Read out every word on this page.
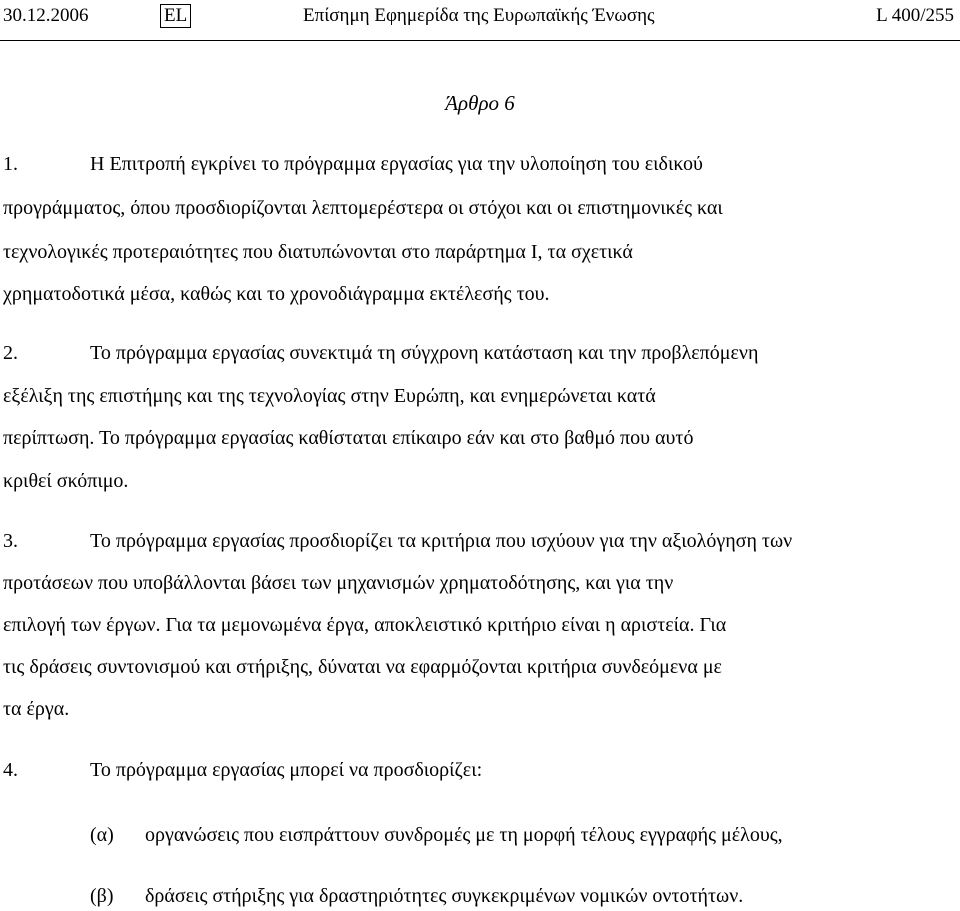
30.12.2006	EL	Επίσημη Εφημερίδα της Ευρωπαϊκής Ένωσης	L 400/255
Άρθρο 6
1.	Η Επιτροπή εγκρίνει το πρόγραμμα εργασίας για την υλοποίηση του ειδικού
προγράμματος, όπου προσδιορίζονται λεπτομερέστερα οι στόχοι και οι επιστημονικές και
τεχνολογικές προτεραιότητες που διατυπώνονται στο παράρτημα Ι, τα σχετικά
χρηματοδοτικά μέσα, καθώς και το χρονοδιάγραμμα εκτέλεσής του.
2.	Το πρόγραμμα εργασίας συνεκτιμά τη σύγχρονη κατάσταση και την προβλεπόμενη
εξέλιξη της επιστήμης και της τεχνολογίας στην Ευρώπη, και ενημερώνεται κατά
περίπτωση. Το πρόγραμμα εργασίας καθίσταται επίκαιρο εάν και στο βαθμό που αυτό
κριθεί σκόπιμο.
3.	Το πρόγραμμα εργασίας προσδιορίζει τα κριτήρια που ισχύουν για την αξιολόγηση των
προτάσεων που υποβάλλονται βάσει των μηχανισμών χρηματοδότησης, και για την
επιλογή των έργων. Για τα μεμονωμένα έργα, αποκλειστικό κριτήριο είναι η αριστεία. Για
τις δράσεις συντονισμού και στήριξης, δύναται να εφαρμόζονται κριτήρια συνδεόμενα με
τα έργα.
4.	Το πρόγραμμα εργασίας μπορεί να προσδιορίζει:
(α) οργανώσεις που εισπράττουν συνδρομές με τη μορφή τέλους εγγραφής μέλους,
(β) δράσεις στήριξης για δραστηριότητες συγκεκριμένων νομικών οντοτήτων.
